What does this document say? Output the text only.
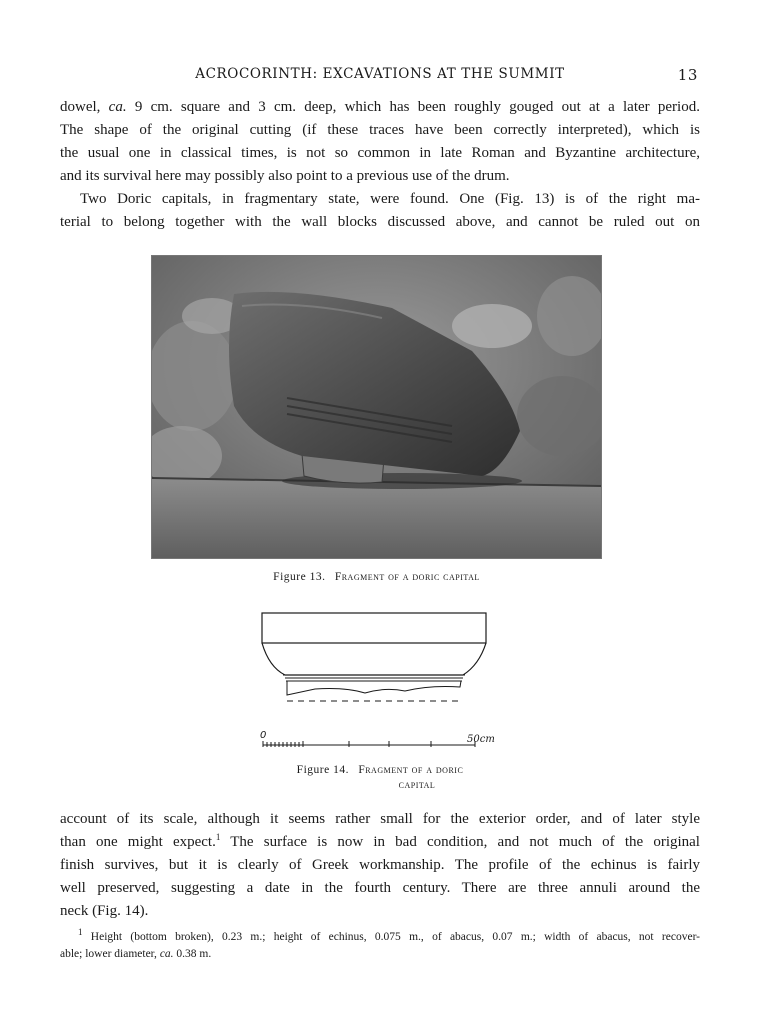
ACROCORINTH: EXCAVATIONS AT THE SUMMIT	13

dowel, ca. 9 cm. square and 3 cm. deep, which has been roughly gouged out at a later period.
The shape of the original cutting (if these traces have been correctly interpreted), which is
the usual one in classical times, is not so common in late Roman and Byzantine architecture,
and its survival here may possibly also point to a previous use of the drum.

Two Doric capitals, in fragmentary state, were found. One (Fig. 13) is of the right ma-
terial to belong together with the wall blocks discussed above, and cannot be ruled out on

Figure 13. Fragment of a doric capital
0	50cm
Figure 14. Fragment of a doric
capital

account of its scale, although it seems rather small for the exterior order, and of later style
than one might expect.$^1$ The surface is now in bad condition, and not much of the original
finish survives, but it is clearly of Greek workmanship. The profile of the echinus is fairly
well preserved, suggesting a date in the fourth century. There are three annuli around the
neck (Fig. 14).

$^1$ Height (bottom broken), 0.23 m.; height of echinus, 0.075 m., of abacus, 0.07 m.; width of abacus, not recover-
able; lower diameter, ca. 0.38 m.
